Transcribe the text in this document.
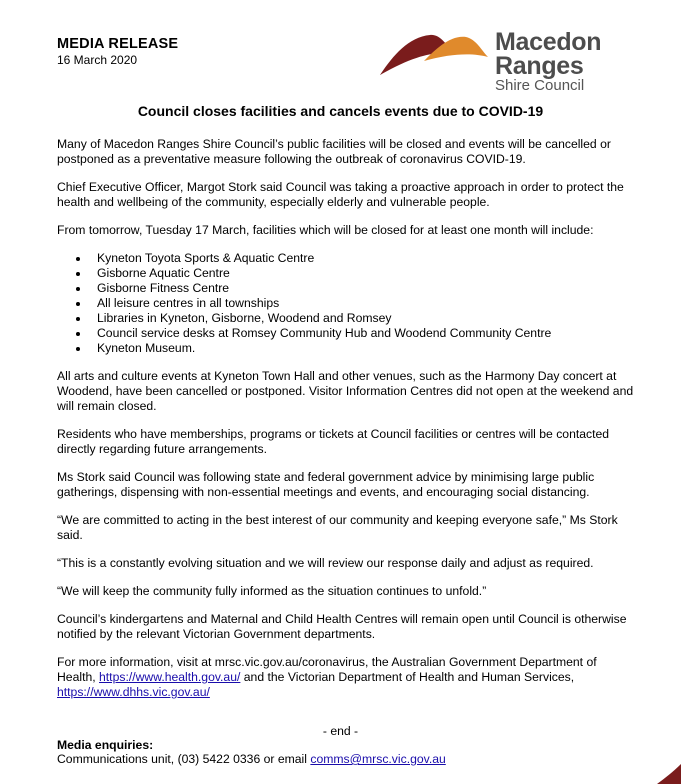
MEDIA RELEASE
16 March 2020
Macedon
Ranges
Shire Council
Council closes facilities and cancels events due to COVID-19

Many of Macedon Ranges Shire Council’s public facilities will be closed and events will be cancelled or postponed as a preventative measure following the outbreak of coronavirus COVID-19.

Chief Executive Officer, Margot Stork said Council was taking a proactive approach in order to protect the health and wellbeing of the community, especially elderly and vulnerable people.

From tomorrow, Tuesday 17 March, facilities which will be closed for at least one month will include:

Kyneton Toyota Sports & Aquatic Centre
Gisborne Aquatic Centre
Gisborne Fitness Centre
All leisure centres in all townships
Libraries in Kyneton, Gisborne, Woodend and Romsey
Council service desks at Romsey Community Hub and Woodend Community Centre
Kyneton Museum.

All arts and culture events at Kyneton Town Hall and other venues, such as the Harmony Day concert at Woodend, have been cancelled or postponed. Visitor Information Centres did not open at the weekend and will remain closed.

Residents who have memberships, programs or tickets at Council facilities or centres will be contacted directly regarding future arrangements.

Ms Stork said Council was following state and federal government advice by minimising large public gatherings, dispensing with non-essential meetings and events, and encouraging social distancing.

“We are committed to acting in the best interest of our community and keeping everyone safe,” Ms Stork said.

“This is a constantly evolving situation and we will review our response daily and adjust as required.

“We will keep the community fully informed as the situation continues to unfold.”

Council’s kindergartens and Maternal and Child Health Centres will remain open until Council is otherwise notified by the relevant Victorian Government departments.

For more information, visit at mrsc.vic.gov.au/coronavirus, the Australian Government Department of Health, https://www.health.gov.au/ and the Victorian Department of Health and Human Services, https://www.dhhs.vic.gov.au/

- end -
Media enquiries:
Communications unit, (03) 5422 0336 or email comms@mrsc.vic.gov.au
